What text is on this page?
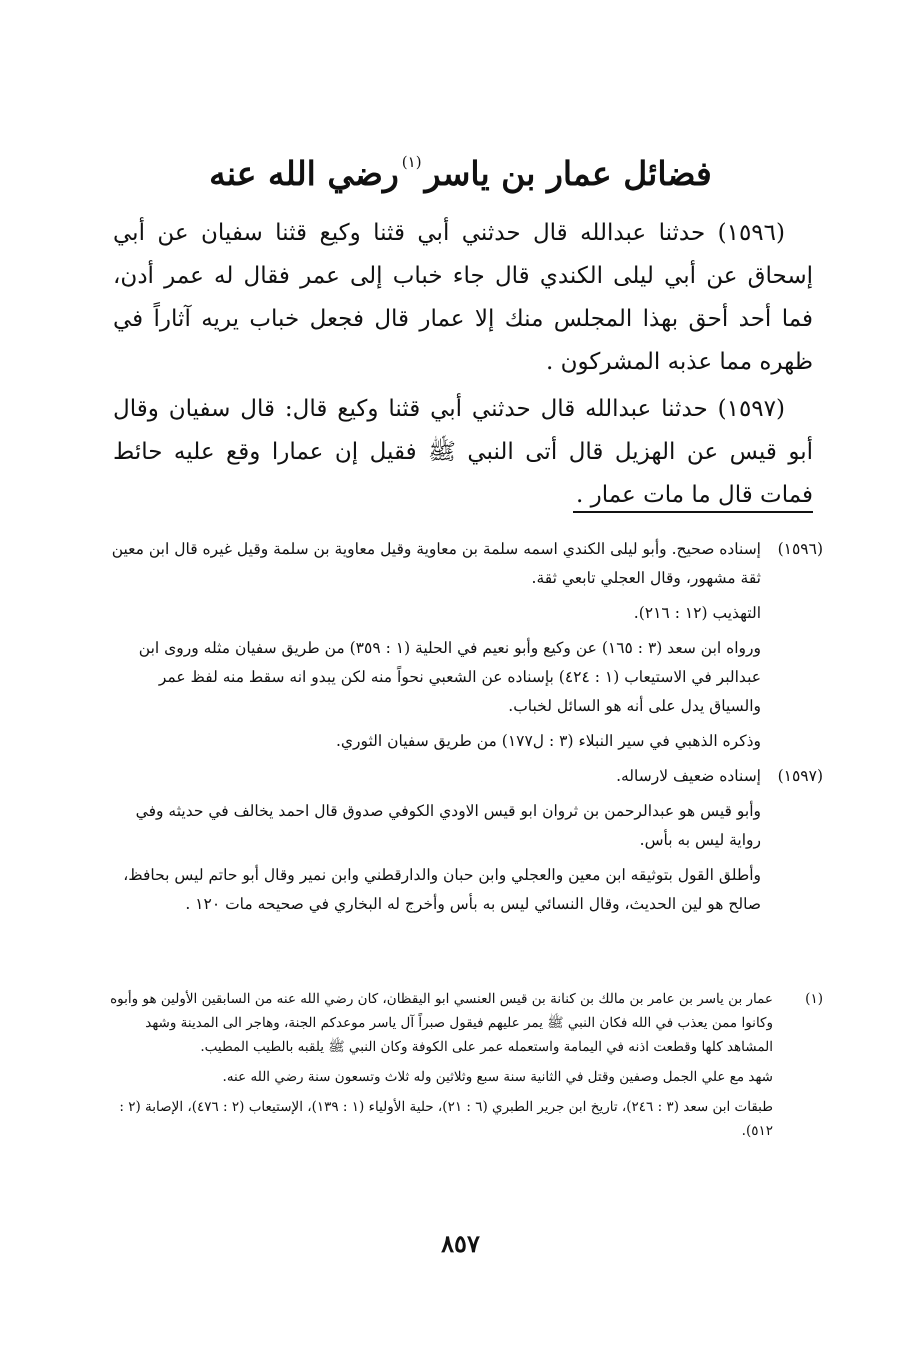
فضائل عمار بن ياسر$^{(١)}$رضي الله عنه

(١٥٩٦) حدثنا عبدالله قال حدثني أبي قثنا وكيع قثنا سفيان عن أبي إسحاق عن أبي ليلى الكندي قال جاء خباب إلى عمر فقال له عمر أدن، فما أحد أحق بهذا المجلس منك إلا عمار قال فجعل خباب يريه آثاراً في ظهره مما عذبه المشركون .

(١٥٩٧) حدثنا عبدالله قال حدثني أبي قثنا وكيع قال: قال سفيان وقال أبو قيس عن الهزيل قال أتى النبي ﷺ فقيل إن عمارا وقع عليه حائط فمات قال ما مات عمار .

(١٥٩٦)

إسناده صحيح. وأبو ليلى الكندي اسمه سلمة بن معاوية وقيل معاوية بن سلمة وقيل غيره قال ابن معين ثقة مشهور، وقال العجلي تابعي ثقة.

التهذيب (١٢ : ٢١٦).

ورواه ابن سعد (٣ : ١٦٥) عن وكيع وأبو نعيم في الحلية (١ : ٣٥٩) من طريق سفيان مثله وروى ابن عبدالبر في الاستيعاب (١ : ٤٢٤) بإسناده عن الشعبي نحواً منه لكن يبدو انه سقط منه لفظ عمر والسياق يدل على أنه هو السائل لخباب.

وذكره الذهبي في سير النبلاء (٣ : ل١٧٧) من طريق سفيان الثوري.

(١٥٩٧)

إسناده ضعيف لارساله.

وأبو قيس هو عبدالرحمن بن ثروان ابو قيس الاودي الكوفي صدوق قال احمد يخالف في حديثه وفي رواية ليس به بأس.

وأطلق القول بتوثيقه ابن معين والعجلي وابن حبان والدارقطني وابن نمير وقال أبو حاتم ليس بحافظ، صالح هو لين الحديث، وقال النسائي ليس به بأس وأخرج له البخاري في صحيحه مات ١٢٠ .

(١)

عمار بن ياسر بن عامر بن مالك بن كنانة بن قيس العنسي ابو اليقظان، كان رضي الله عنه من السابقين الأولين هو وأبوه وكانوا ممن يعذب في الله فكان النبي ﷺ يمر عليهم فيقول صبراً آل ياسر موعدكم الجنة، وهاجر الى المدينة وشهد المشاهد كلها وقطعت اذنه في اليمامة واستعمله عمر على الكوفة وكان النبي ﷺ يلقبه بالطيب المطيب.

شهد مع علي الجمل وصفين وقتل في الثانية سنة سبع وثلاثين وله ثلاث وتسعون سنة رضي الله عنه.

طبقات ابن سعد (٣ : ٢٤٦)، تاريخ ابن جرير الطبري (٦ : ٢١)، حلية الأولياء (١ : ١٣٩)، الإستيعاب (٢ : ٤٧٦)، الإصابة (٢ : ٥١٢).

٨٥٧
